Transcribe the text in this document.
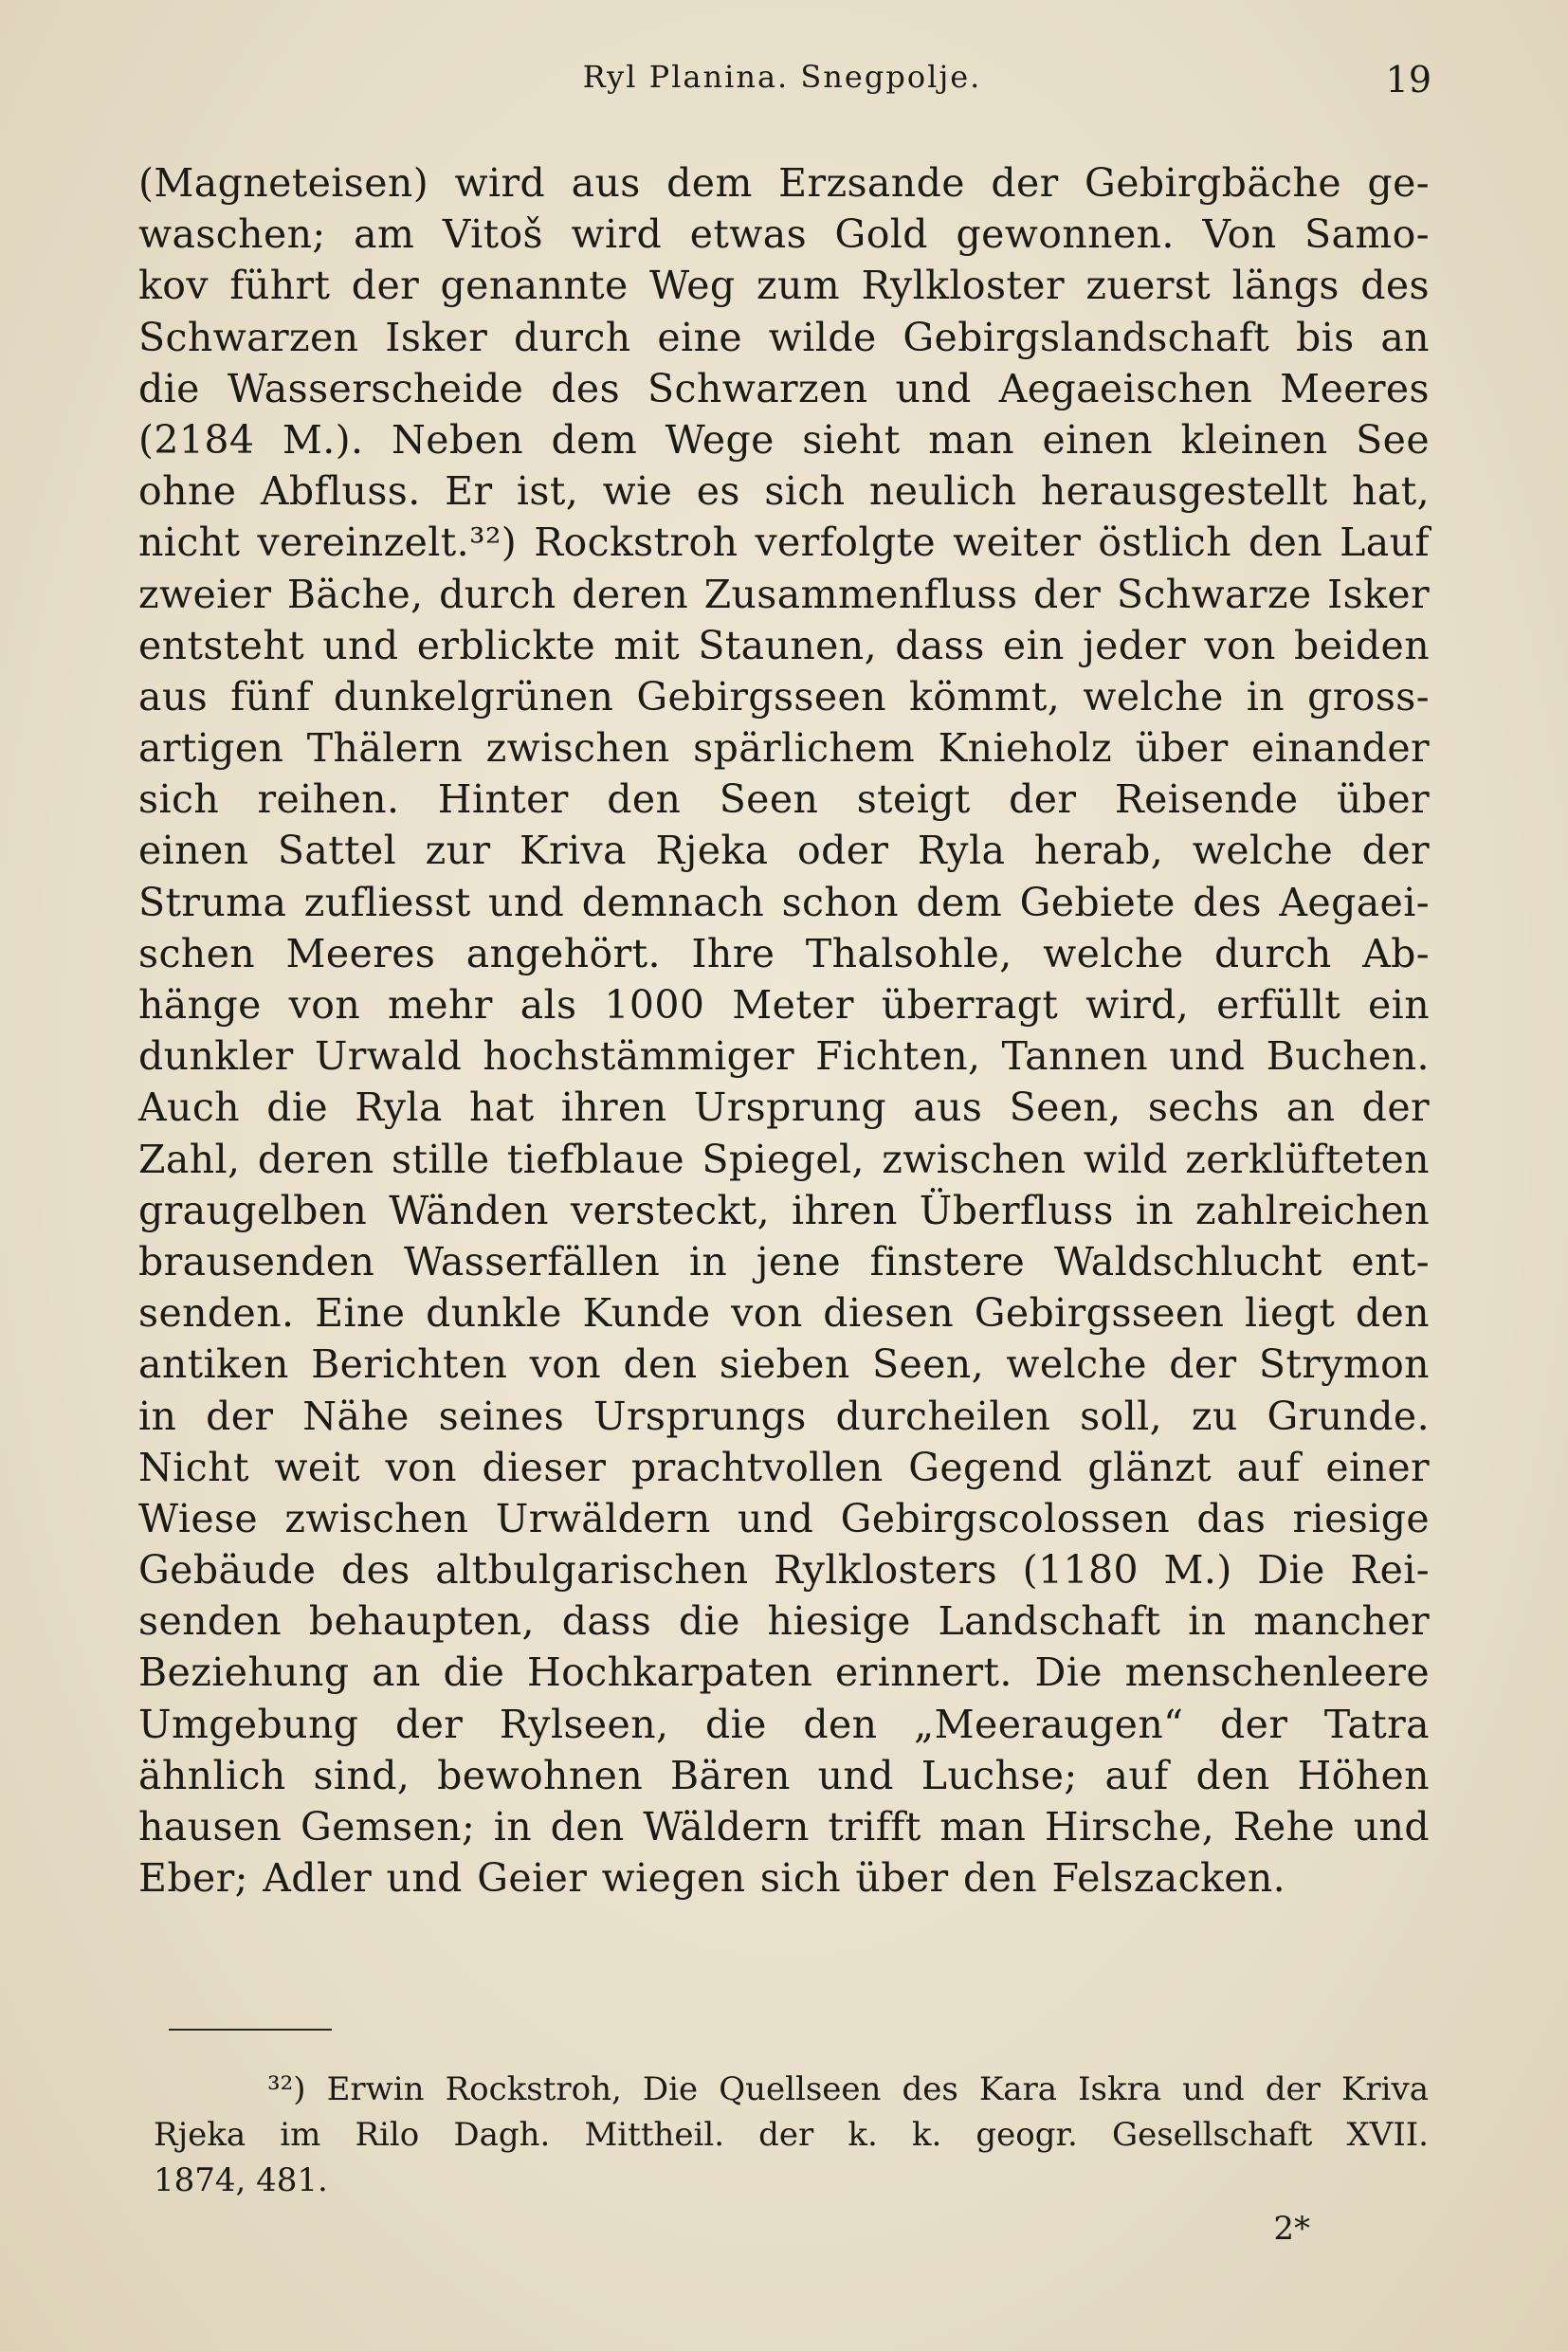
Ryl Planina. Snegpolje.	19
(Magneteisen) wird aus dem Erzsande der Gebirgbäche ge-
waschen; am Vitoš wird etwas Gold gewonnen. Von Samo-
kov führt der genannte Weg zum Rylkloster zuerst längs des
Schwarzen Isker durch eine wilde Gebirgslandschaft bis an
die Wasserscheide des Schwarzen und Aegaeischen Meeres
(2184 M.). Neben dem Wege sieht man einen kleinen See
ohne Abfluss. Er ist, wie es sich neulich herausgestellt hat,
nicht vereinzelt.³²) Rockstroh verfolgte weiter östlich den Lauf
zweier Bäche, durch deren Zusammenfluss der Schwarze Isker
entsteht und erblickte mit Staunen, dass ein jeder von beiden
aus fünf dunkelgrünen Gebirgsseen kömmt, welche in gross-
artigen Thälern zwischen spärlichem Knieholz über einander
sich reihen. Hinter den Seen steigt der Reisende über
einen Sattel zur Kriva Rjeka oder Ryla herab, welche der
Struma zufliesst und demnach schon dem Gebiete des Aegaei-
schen Meeres angehört. Ihre Thalsohle, welche durch Ab-
hänge von mehr als 1000 Meter überragt wird, erfüllt ein
dunkler Urwald hochstämmiger Fichten, Tannen und Buchen.
Auch die Ryla hat ihren Ursprung aus Seen, sechs an der
Zahl, deren stille tiefblaue Spiegel, zwischen wild zerklüfteten
graugelben Wänden versteckt, ihren Überfluss in zahlreichen
brausenden Wasserfällen in jene finstere Waldschlucht ent-
senden. Eine dunkle Kunde von diesen Gebirgsseen liegt den
antiken Berichten von den sieben Seen, welche der Strymon
in der Nähe seines Ursprungs durcheilen soll, zu Grunde.
Nicht weit von dieser prachtvollen Gegend glänzt auf einer
Wiese zwischen Urwäldern und Gebirgscolossen das riesige
Gebäude des altbulgarischen Rylklosters (1180 M.) Die Rei-
senden behaupten, dass die hiesige Landschaft in mancher
Beziehung an die Hochkarpaten erinnert. Die menschenleere
Umgebung der Rylseen, die den „Meeraugen“ der Tatra
ähnlich sind, bewohnen Bären und Luchse; auf den Höhen
hausen Gemsen; in den Wäldern trifft man Hirsche, Rehe und
Eber; Adler und Geier wiegen sich über den Felszacken.
³²) Erwin Rockstroh, Die Quellseen des Kara Iskra und der Kriva
Rjeka im Rilo Dagh. Mittheil. der k. k. geogr. Gesellschaft XVII.
1874, 481.
2*
